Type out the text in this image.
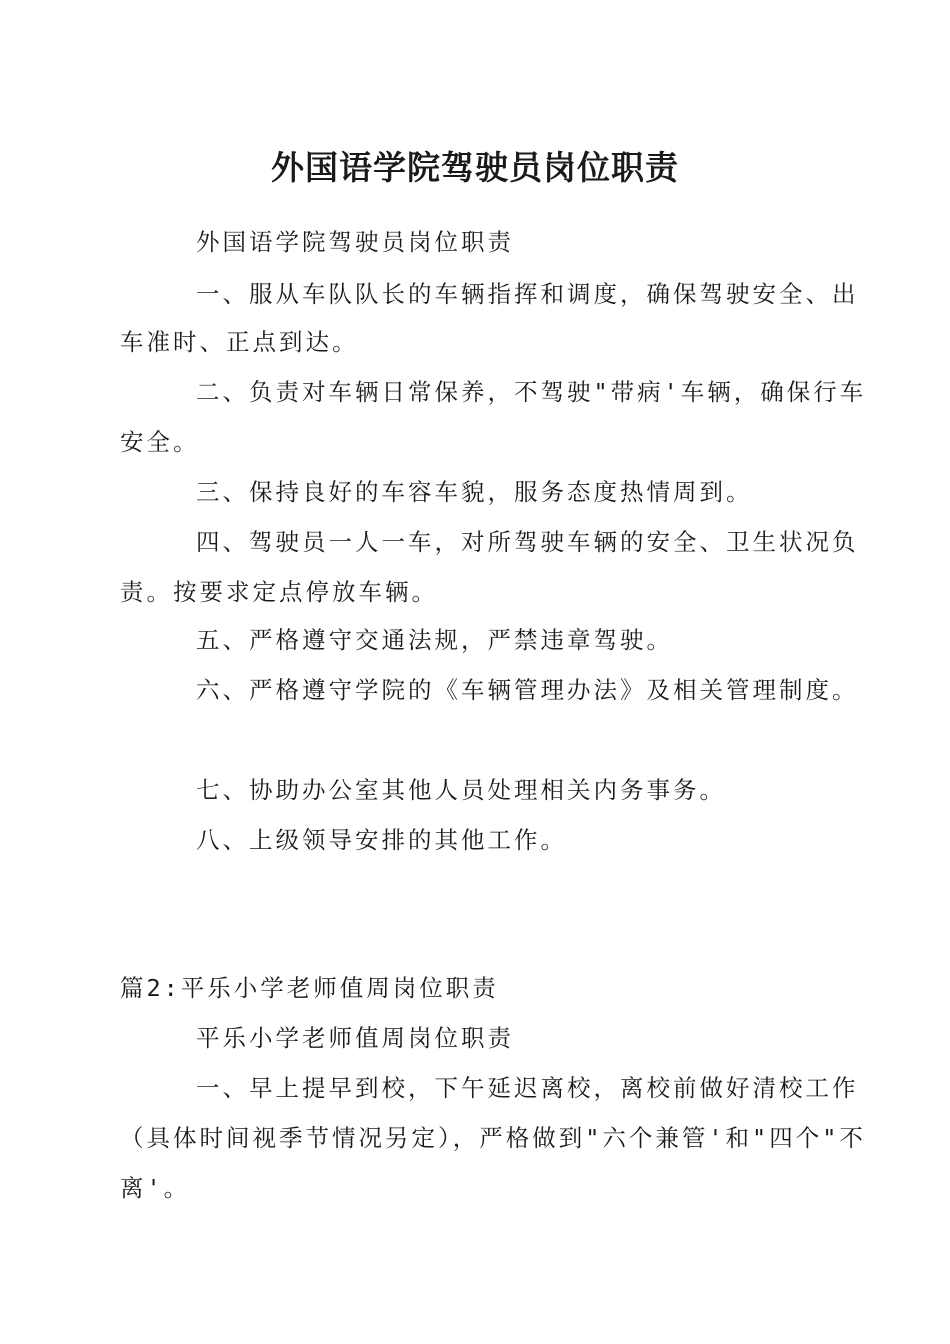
外国语学院驾驶员岗位职责
外国语学院驾驶员岗位职责
一、服从车队队长的车辆指挥和调度，确保驾驶安全、出
车准时、正点到达。
二、负责对车辆日常保养，不驾驶"带病'车辆，确保行车
安全。
三、保持良好的车容车貌，服务态度热情周到。
四、驾驶员一人一车，对所驾驶车辆的安全、卫生状况负
责。按要求定点停放车辆。
五、严格遵守交通法规，严禁违章驾驶。
六、严格遵守学院的《车辆管理办法》及相关管理制度。
七、协助办公室其他人员处理相关内务事务。
八、上级领导安排的其他工作。
篇2:平乐小学老师值周岗位职责
平乐小学老师值周岗位职责
一、早上提早到校，下午延迟离校，离校前做好清校工作
（具体时间视季节情况另定），严格做到"六个兼管'和"四个"不
离'。
